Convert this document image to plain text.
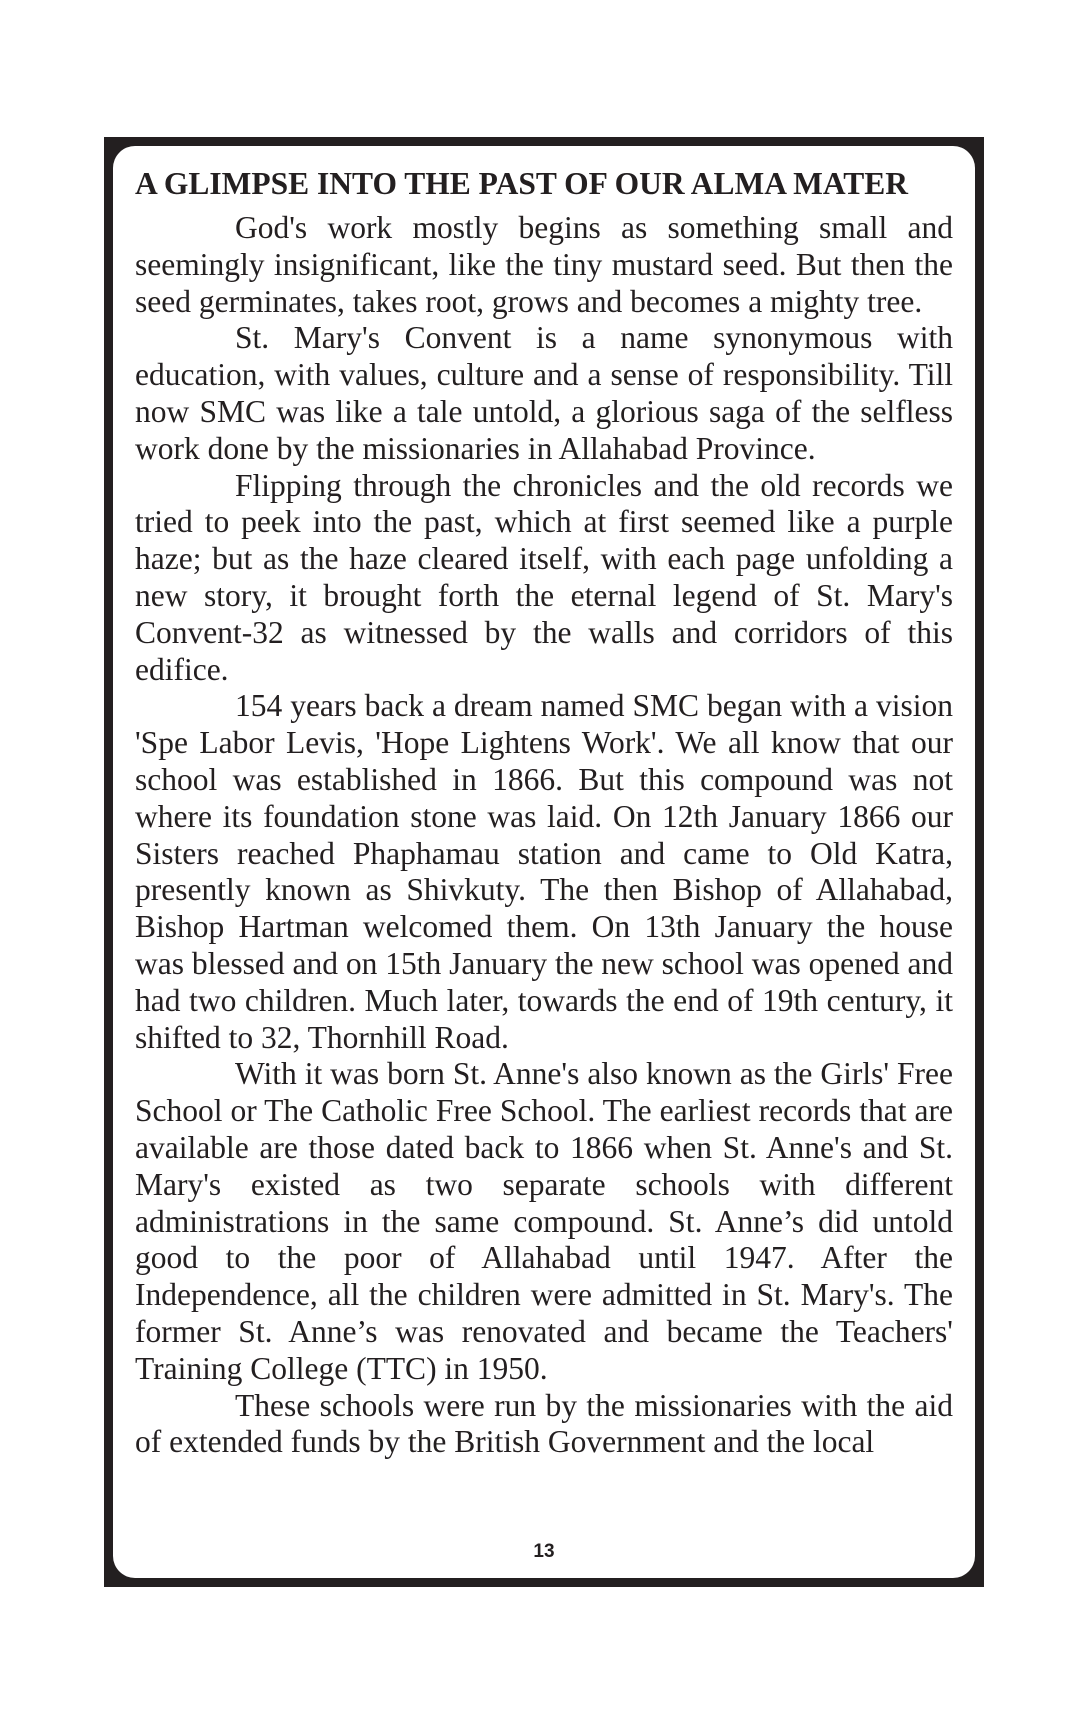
A GLIMPSE INTO THE PAST OF OUR ALMA MATER

God's work mostly begins as something small and seemingly insignificant, like the tiny mustard seed. But then the seed germinates, takes root, grows and becomes a mighty tree.

St. Mary's Convent is a name synonymous with education, with values, culture and a sense of responsibility. Till now SMC was like a tale untold, a glorious saga of the selfless work done by the missionaries in Allahabad Province.

Flipping through the chronicles and the old records we tried to peek into the past, which at first seemed like a purple haze; but as the haze cleared itself, with each page unfolding a new story, it brought forth the eternal legend of St. Mary's Convent-32 as witnessed by the walls and corridors of this edifice.

154 years back a dream named SMC began with a vision 'Spe Labor Levis, 'Hope Lightens Work'. We all know that our school was established in 1866. But this compound was not where its foundation stone was laid. On 12th January 1866 our Sisters reached Phaphamau station and came to Old Katra, presently known as Shivkuty. The then Bishop of Allahabad, Bishop Hartman welcomed them. On 13th January the house was blessed and on 15th January the new school was opened and had two children. Much later, towards the end of 19th century, it shifted to 32, Thornhill Road.

With it was born St. Anne's also known as the Girls' Free School or The Catholic Free School. The earliest records that are available are those dated back to 1866 when St. Anne's and St. Mary's existed as two separate schools with different administrations in the same compound. St. Anne’s did untold good to the poor of Allahabad until 1947. After the Independence, all the children were admitted in St. Mary's. The former St. Anne’s was renovated and became the Teachers' Training College (TTC) in 1950.

These schools were run by the missionaries with the aid of extended funds by the British Government and the local

13
